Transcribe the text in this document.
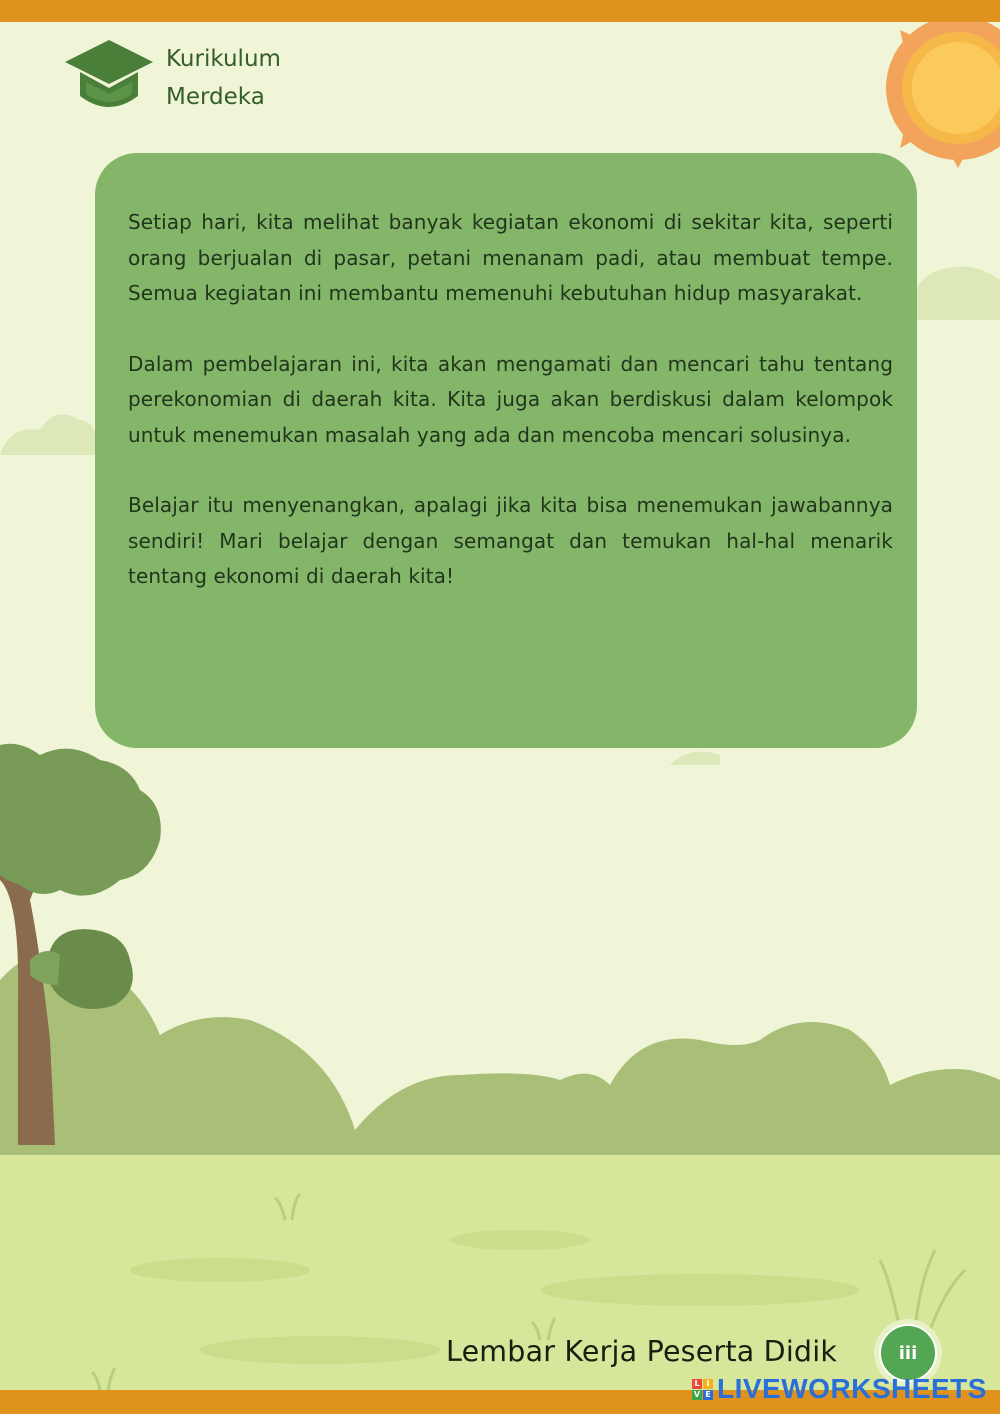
Kurikulum
Merdeka

Setiap hari, kita melihat banyak kegiatan ekonomi di sekitar kita, seperti orang berjualan di pasar, petani menanam padi, atau membuat tempe. Semua kegiatan ini membantu memenuhi kebutuhan hidup masyarakat.

Dalam pembelajaran ini, kita akan mengamati dan mencari tahu tentang perekonomian di daerah kita. Kita juga akan berdiskusi dalam kelompok untuk menemukan masalah yang ada dan mencoba mencari solusinya.

Belajar itu menyenangkan, apalagi jika kita bisa menemukan jawabannya sendiri! Mari belajar dengan semangat dan temukan hal-hal menarik tentang ekonomi di daerah kita!

Lembar Kerja Peserta Didik	iii
L I
V E LIVEWORKSHEETS
